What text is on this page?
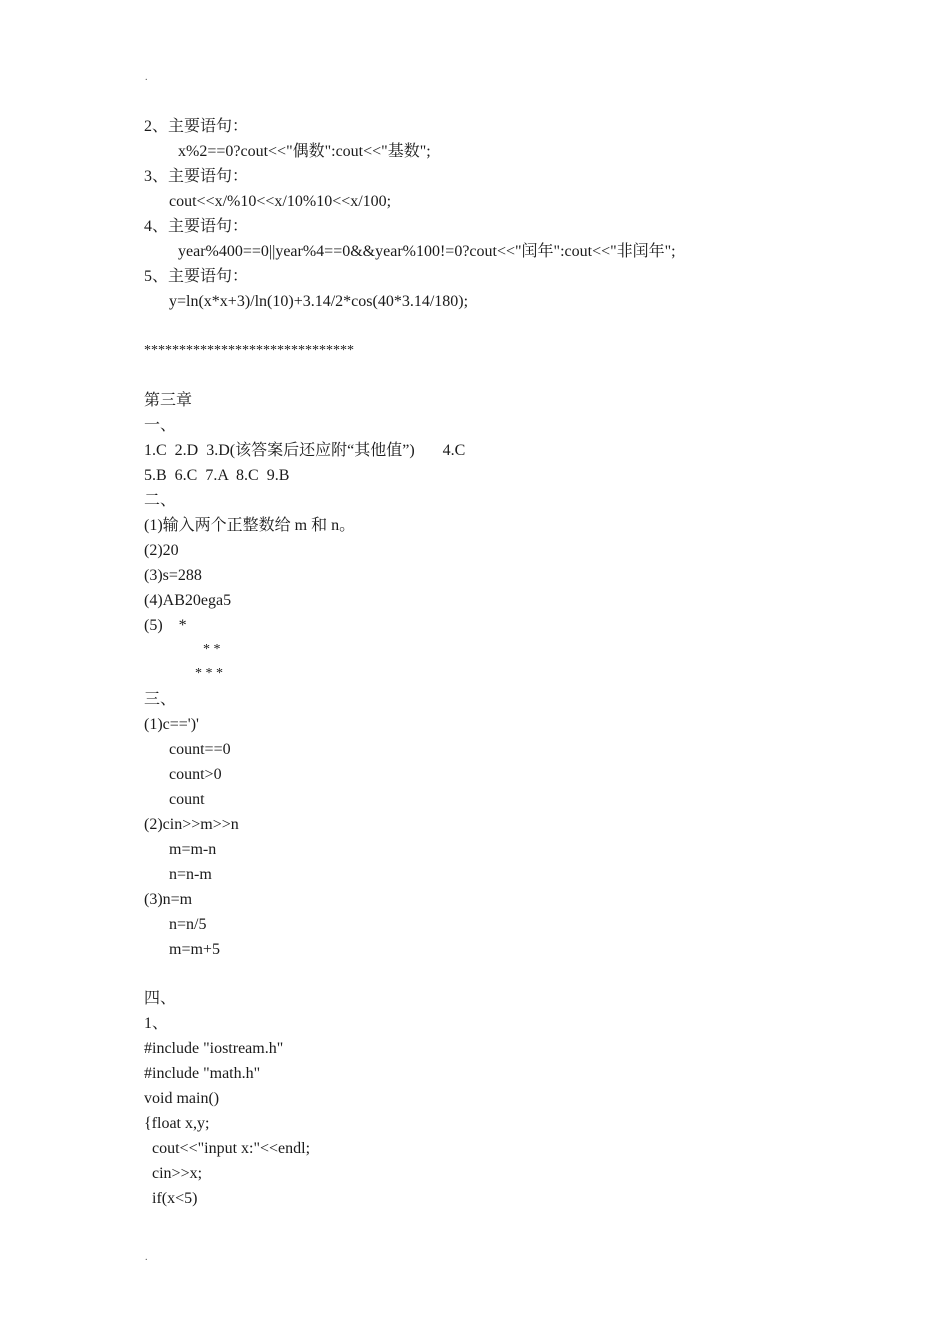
.
2、主要语句：
x%2==0?cout<<"偶数":cout<<"基数";
3、主要语句：
cout<<x/%10<<x/10%10<<x/100;
4、主要语句：
year%400==0||year%4==0&&year%100!=0?cout<<"闰年":cout<<"非闰年";
5、主要语句：
y=ln(x*x+3)/ln(10)+3.14/2*cos(40*3.14/180);
******************************
第三章
一、
1.C  2.D  3.D(该答案后还应附“其他值”)       4.C
5.B  6.C  7.A  8.C  9.B
二、
(1)输入两个正整数给 m 和 n。
(2)20
(3)s=288
(4)AB20ega5
(5)    *
* *
* * *
三、
(1)c==')'
count==0
count>0
count
(2)cin>>m>>n
m=m-n
n=n-m
(3)n=m
n=n/5
m=m+5
四、
1、
#include "iostream.h"
#include "math.h"
void main()
{float x,y;
cout<<"input x:"<<endl;
cin>>x;
if(x<5)
.
